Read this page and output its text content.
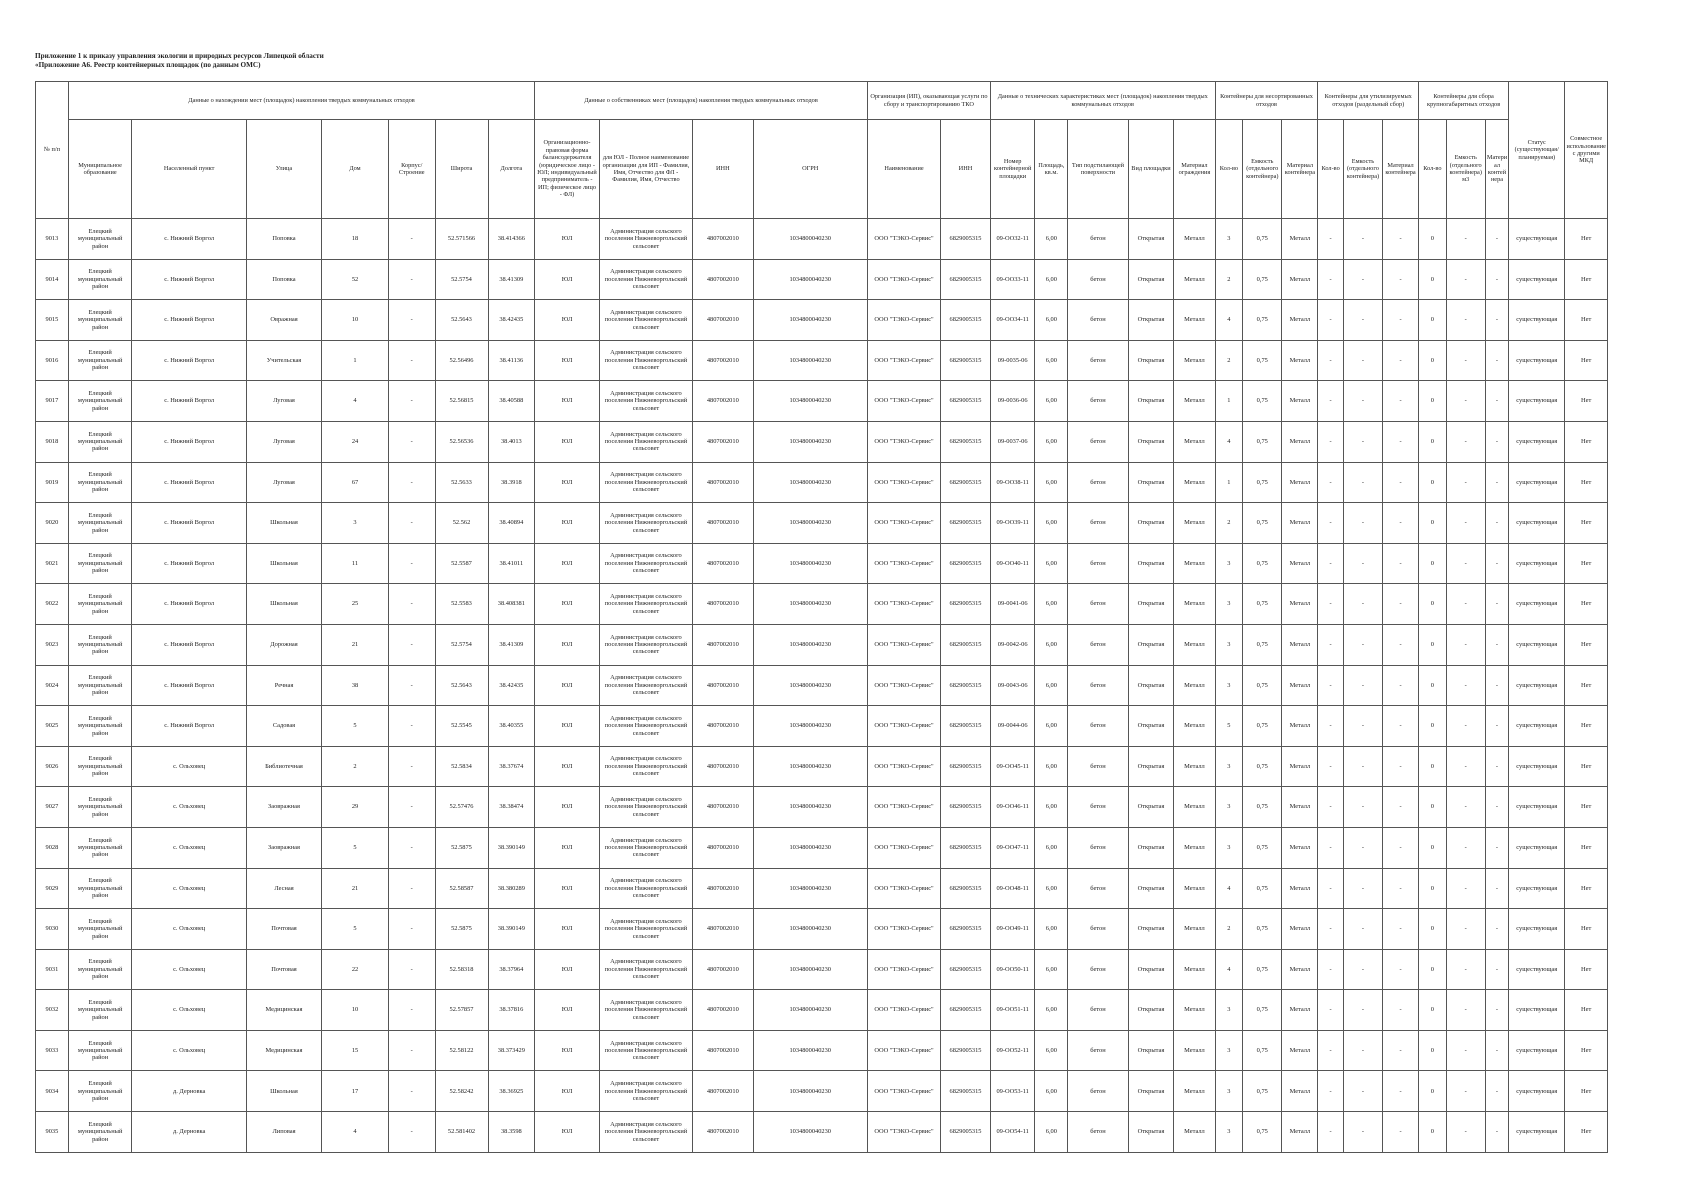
Приложение 1 к приказу управления экологии и природных ресурсов Липецкой области
«Приложение А6. Реестр контейнерных площадок (по данным ОМС)
№ п/п	Данные о нахождении мест (площадок) накопления твердых коммунальных отходов							Данные о собственниках мест (площадок) накопления твердых коммунальных отходов				Организация (ИП), оказывающая услуги по сбору и транспортированию ТКО		Данные о технических характеристиках мест (площадок) накопления твердых коммунальных отходов					Контейнеры для несортированных отходов			Контейнеры для утилизируемых отходов (раздельный сбор)			Контейнеры для сбора крупногабаритных отходов			Статус (существующая/ планируемая)	Совместное использование с другими МКД
	Муниципальное образование	Населенный пункт	Улица	Дом	Корпус/Строение	Широта	Долгота	Организационно-правовая форма балансодержателя (юридическое лицо - ЮЛ; индивидуальный предприниматель - ИП; физическое лицо - ФЛ)	для ЮЛ - Полное наименование организации для ИП - Фамилия, Имя, Отчество для ФЛ - Фамилия, Имя, Отчество	ИНН	ОГРН	Наименование	ИНН	Номер контейнерной площадки	Площадь, кв.м.	Тип подстилающей поверхности	Вид площадки	Материал ограждения	Кол-во	Емкость (отдельного контейнера)	Материал контейнера	Кол-во	Емкость (отдельного контейнера)	Материал контейнера	Кол-во	Емкость (отдельного контейнера) м3	Материал контейнера		
9013	Елецкий муниципальный район	с. Нижний Воргол	Поповка	18	-	52.571566	38.414366	ЮЛ	Администрация сельского поселения Нижневоргольский сельсовет	4807002010	1034800040230	ООО "ТЭКО-Сервис"	6829005315	09-ОО32-11	6,00	бетон	Открытая	Металл	3	0,75	Металл	-	-	-	0	-	-	существующая	Нет
9014	Елецкий муниципальный район	с. Нижний Воргол	Поповка	52	-	52.5754	38.41309	ЮЛ	Администрация сельского поселения Нижневоргольский сельсовет	4807002010	1034800040230	ООО "ТЭКО-Сервис"	6829005315	09-ОО33-11	6,00	бетон	Открытая	Металл	2	0,75	Металл	-	-	-	0	-	-	существующая	Нет
9015	Елецкий муниципальный район	с. Нижний Воргол	Овражная	10	-	52.5643	38.42435	ЮЛ	Администрация сельского поселения Нижневоргольский сельсовет	4807002010	1034800040230	ООО "ТЭКО-Сервис"	6829005315	09-ОО34-11	6,00	бетон	Открытая	Металл	4	0,75	Металл	-	-	-	0	-	-	существующая	Нет
9016	Елецкий муниципальный район	с. Нижний Воргол	Учительская	1	-	52.56496	38.41136	ЮЛ	Администрация сельского поселения Нижневоргольский сельсовет	4807002010	1034800040230	ООО "ТЭКО-Сервис"	6829005315	09-0035-06	6,00	бетон	Открытая	Металл	2	0,75	Металл	-	-	-	0	-	-	существующая	Нет
9017	Елецкий муниципальный район	с. Нижний Воргол	Луговая	4	-	52.56815	38.40588	ЮЛ	Администрация сельского поселения Нижневоргольский сельсовет	4807002010	1034800040230	ООО "ТЭКО-Сервис"	6829005315	09-0036-06	6,00	бетон	Открытая	Металл	1	0,75	Металл	-	-	-	0	-	-	существующая	Нет
9018	Елецкий муниципальный район	с. Нижний Воргол	Луговая	24	-	52.56536	38.4013	ЮЛ	Администрация сельского поселения Нижневоргольский сельсовет	4807002010	1034800040230	ООО "ТЭКО-Сервис"	6829005315	09-0037-06	6,00	бетон	Открытая	Металл	4	0,75	Металл	-	-	-	0	-	-	существующая	Нет
9019	Елецкий муниципальный район	с. Нижний Воргол	Луговая	67	-	52.5633	38.3918	ЮЛ	Администрация сельского поселения Нижневоргольский сельсовет	4807002010	1034800040230	ООО "ТЭКО-Сервис"	6829005315	09-ОО38-11	6,00	бетон	Открытая	Металл	1	0,75	Металл	-	-	-	0	-	-	существующая	Нет
9020	Елецкий муниципальный район	с. Нижний Воргол	Школьная	3	-	52.562	38.40894	ЮЛ	Администрация сельского поселения Нижневоргольский сельсовет	4807002010	1034800040230	ООО "ТЭКО-Сервис"	6829005315	09-ОО39-11	6,00	бетон	Открытая	Металл	2	0,75	Металл	-	-	-	0	-	-	существующая	Нет
9021	Елецкий муниципальный район	с. Нижний Воргол	Школьная	11	-	52.5587	38.41011	ЮЛ	Администрация сельского поселения Нижневоргольский сельсовет	4807002010	1034800040230	ООО "ТЭКО-Сервис"	6829005315	09-ОО40-11	6,00	бетон	Открытая	Металл	3	0,75	Металл	-	-	-	0	-	-	существующая	Нет
9022	Елецкий муниципальный район	с. Нижний Воргол	Школьная	25	-	52.5583	38.408381	ЮЛ	Администрация сельского поселения Нижневоргольский сельсовет	4807002010	1034800040230	ООО "ТЭКО-Сервис"	6829005315	09-0041-06	6,00	бетон	Открытая	Металл	3	0,75	Металл	-	-	-	0	-	-	существующая	Нет
9023	Елецкий муниципальный район	с. Нижний Воргол	Дорожная	21	-	52.5754	38.41309	ЮЛ	Администрация сельского поселения Нижневоргольский сельсовет	4807002010	1034800040230	ООО "ТЭКО-Сервис"	6829005315	09-0042-06	6,00	бетон	Открытая	Металл	3	0,75	Металл	-	-	-	0	-	-	существующая	Нет
9024	Елецкий муниципальный район	с. Нижний Воргол	Речная	38	-	52.5643	38.42435	ЮЛ	Администрация сельского поселения Нижневоргольский сельсовет	4807002010	1034800040230	ООО "ТЭКО-Сервис"	6829005315	09-0043-06	6,00	бетон	Открытая	Металл	3	0,75	Металл	-	-	-	0	-	-	существующая	Нет
9025	Елецкий муниципальный район	с. Нижний Воргол	Садовая	5	-	52.5545	38.40355	ЮЛ	Администрация сельского поселения Нижневоргольский сельсовет	4807002010	1034800040230	ООО "ТЭКО-Сервис"	6829005315	09-0044-06	6,00	бетон	Открытая	Металл	5	0,75	Металл	-	-	-	0	-	-	существующая	Нет
9026	Елецкий муниципальный район	с. Ольховец	Библиотечная	2	-	52.5834	38.37674	ЮЛ	Администрация сельского поселения Нижневоргольский сельсовет	4807002010	1034800040230	ООО "ТЭКО-Сервис"	6829005315	09-ОО45-11	6,00	бетон	Открытая	Металл	3	0,75	Металл	-	-	-	0	-	-	существующая	Нет
9027	Елецкий муниципальный район	с. Ольховец	Заовражная	29	-	52.57476	38.38474	ЮЛ	Администрация сельского поселения Нижневоргольский сельсовет	4807002010	1034800040230	ООО "ТЭКО-Сервис"	6829005315	09-ОО46-11	6,00	бетон	Открытая	Металл	3	0,75	Металл	-	-	-	0	-	-	существующая	Нет
9028	Елецкий муниципальный район	с. Ольховец	Заовражная	5	-	52.5875	38.390149	ЮЛ	Администрация сельского поселения Нижневоргольский сельсовет	4807002010	1034800040230	ООО "ТЭКО-Сервис"	6829005315	09-ОО47-11	6,00	бетон	Открытая	Металл	3	0,75	Металл	-	-	-	0	-	-	существующая	Нет
9029	Елецкий муниципальный район	с. Ольховец	Лесная	21	-	52.58587	38.380289	ЮЛ	Администрация сельского поселения Нижневоргольский сельсовет	4807002010	1034800040230	ООО "ТЭКО-Сервис"	6829005315	09-ОО48-11	6,00	бетон	Открытая	Металл	4	0,75	Металл	-	-	-	0	-	-	существующая	Нет
9030	Елецкий муниципальный район	с. Ольховец	Почтовая	5	-	52.5875	38.390149	ЮЛ	Администрация сельского поселения Нижневоргольский сельсовет	4807002010	1034800040230	ООО "ТЭКО-Сервис"	6829005315	09-ОО49-11	6,00	бетон	Открытая	Металл	2	0,75	Металл	-	-	-	0	-	-	существующая	Нет
9031	Елецкий муниципальный район	с. Ольховец	Почтовая	22	-	52.58318	38.37964	ЮЛ	Администрация сельского поселения Нижневоргольский сельсовет	4807002010	1034800040230	ООО "ТЭКО-Сервис"	6829005315	09-ОО50-11	6,00	бетон	Открытая	Металл	4	0,75	Металл	-	-	-	0	-	-	существующая	Нет
9032	Елецкий муниципальный район	с. Ольховец	Медицинская	10	-	52.57857	38.37816	ЮЛ	Администрация сельского поселения Нижневоргольский сельсовет	4807002010	1034800040230	ООО "ТЭКО-Сервис"	6829005315	09-ОО51-11	6,00	бетон	Открытая	Металл	3	0,75	Металл	-	-	-	0	-	-	существующая	Нет
9033	Елецкий муниципальный район	с. Ольховец	Медицинская	15	-	52.58122	38.373429	ЮЛ	Администрация сельского поселения Нижневоргольский сельсовет	4807002010	1034800040230	ООО "ТЭКО-Сервис"	6829005315	09-ОО52-11	6,00	бетон	Открытая	Металл	3	0,75	Металл	-	-	-	0	-	-	существующая	Нет
9034	Елецкий муниципальный район	д. Дерновка	Школьная	17	-	52.58242	38.36925	ЮЛ	Администрация сельского поселения Нижневоргольский сельсовет	4807002010	1034800040230	ООО "ТЭКО-Сервис"	6829005315	09-ОО53-11	6,00	бетон	Открытая	Металл	3	0,75	Металл	-	-	-	0	-	-	существующая	Нет
9035	Елецкий муниципальный район	д. Дерновка	Липовая	4	-	52.581402	38.3598	ЮЛ	Администрация сельского поселения Нижневоргольский сельсовет	4807002010	1034800040230	ООО "ТЭКО-Сервис"	6829005315	09-ОО54-11	6,00	бетон	Открытая	Металл	3	0,75	Металл	-	-	-	0	-	-	существующая	Нет
